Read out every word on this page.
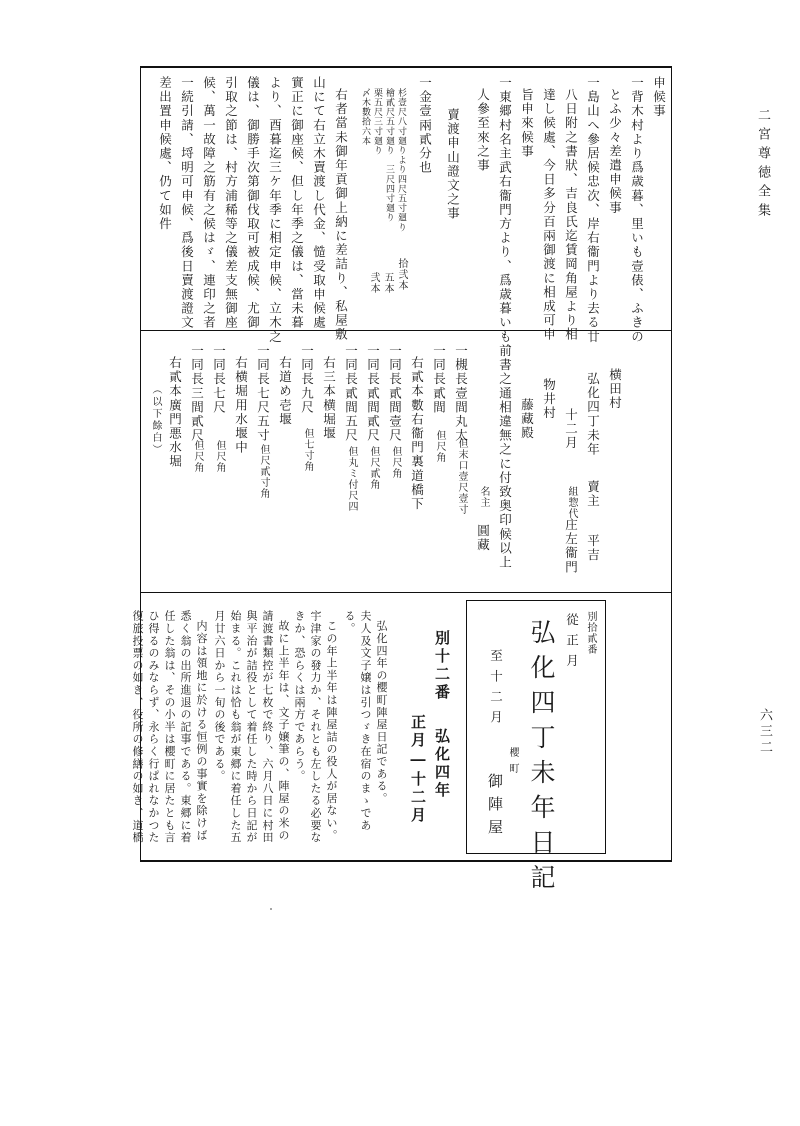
二宮尊徳全集
六三二
申候事
一背木村より爲歳暮、里いも壹俵、ふきの
とふ少々差遣申候事
一島山へ參居候忠次、岸右衞門より去る廿
八日附之書狀、吉良氏迄賃岡角屋より相
達し候處、今日多分百兩御渡に相成可申
旨申來候事
一東郷村名主武右衞門方より、爲歳暮いも、
人參至來之事
賣渡申山證文之事
一金壹兩貳分也
杉壹尺八寸廻りより四尺五寸廻り
拾弐本
檜貳尺五寸廻り　三尺四寸廻り
五本
栗五尺三寸廻り
弐本
〆木數拾六本
右者當未御年貢御上納に差詰り、私屋敷
山にて右立木賣渡し代金、慥受取申候處
實正に御座候、但し年季之儀は、當未暮
より、酉暮迄三ケ年季に相定申候、立木之
儀は、御勝手次第御伐取可被成候、尤御
引取之節は、村方浦稀等之儀差支無御座
候、萬一故障之筋有之候はゞ、連印之者
一続引請、埒明可申候、爲後日賣渡證文
差出置申候處、仍て如件
横田村
弘化四丁未年
賣主
平吉
十二月
組惣代
庄左衞門
物井村
藤藏殿
前書之通相違無之に付致奥印候以上
名主
圓藏
一槻長壹間丸太
但末口壹尺壹寸
一同長貳間
但尺角
右貳本數右衞門裏道橋下
一同長貳間壹尺
但尺角
一同長貳間貳尺
但尺貳角
一同長貳間五尺
但丸ミ付尺四
右三本横堀堰
一同長九尺
但七寸角
右道め壱堰
一同長七尺五寸
但尺貳寸角
右横堀用水堰中
一同長七尺
但尺角
一同長三間貳尺
但尺角
右貳本廣門悪水堀
（以下餘白）
別拾貳番
從正月
弘化四丁未年日記
至十二月
櫻町
御陣屋
別十二番
弘化四年
正月―十二月
弘化四年の櫻町陣屋日記である。
夫人及文子嬢は引つゞき在宿のまゝであ
る。
この年上半年は陣屋詰の役人が居ない。
宇津家の發力か、それとも左したる必要な
きか、恐らくは兩方であらう。
故に上半年は、文子嬢筆の、陣屋の米の
請渡書類控が七枚で終り、六月八日に村田
與平治が詰役として着任した時から日記が
始まる。これは恰も翁が東郷に着任した五
月廿六日から一旬の後である。
内容は領地に於ける恒例の事實を除けば
悉く翁の出所進退の記事である。東郷に着
任した翁は、その小半は櫻町に居たとも言
ひ得るのみならず、永らく行ぱれなかつた
復旅投票の如き、役所の修繕の如き、道橋
